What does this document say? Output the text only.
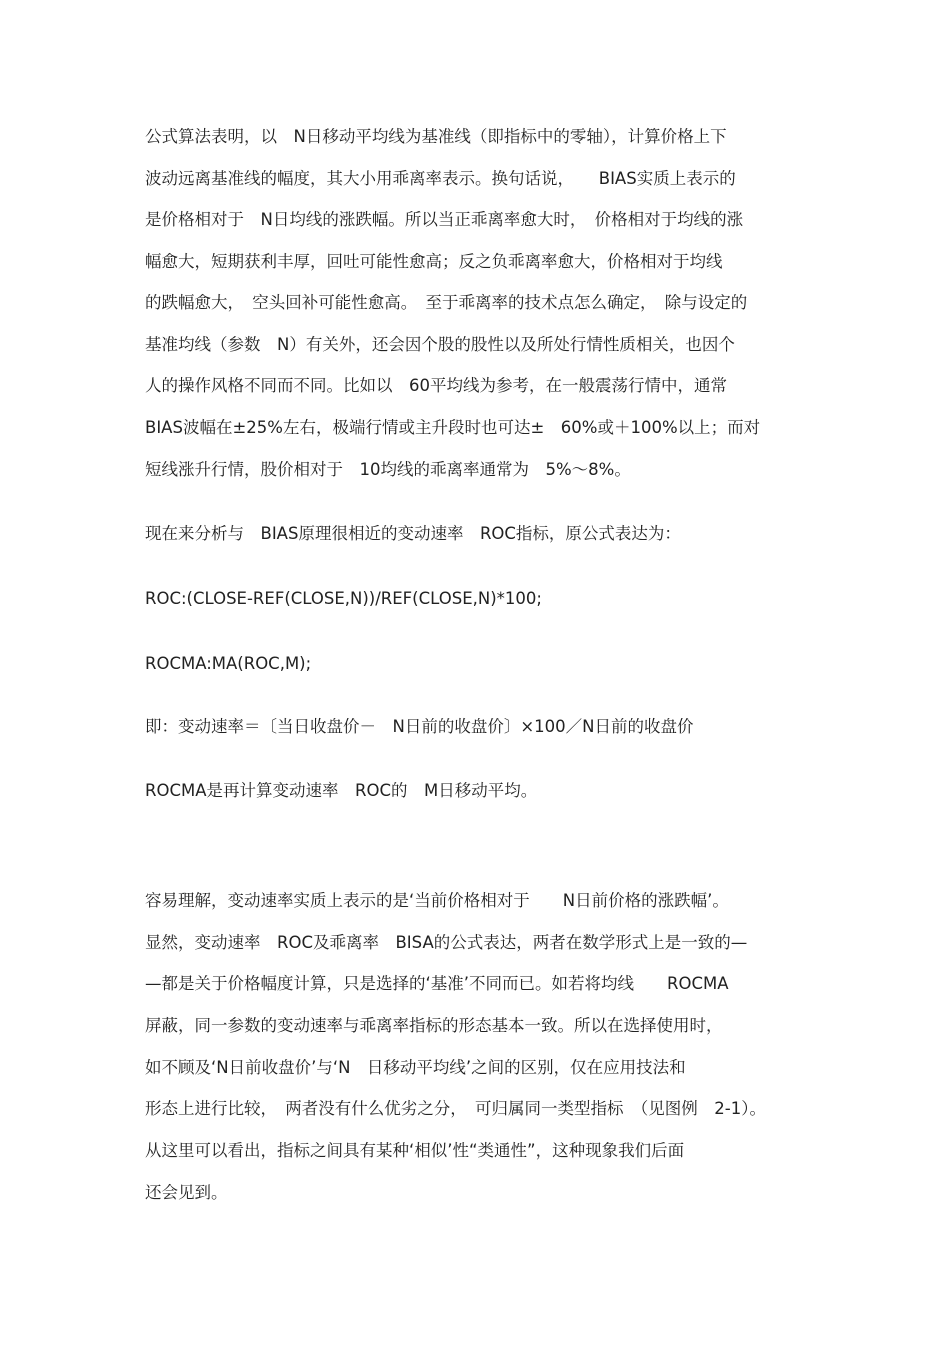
公式算法表明，以　N日移动平均线为基准线（即指标中的零轴），计算价格上下

波动远离基准线的幅度，其大小用乖离率表示。换句话说，　　BIAS实质上表示的

是价格相对于　N日均线的涨跌幅。所以当正乖离率愈大时，　价格相对于均线的涨

幅愈大，短期获利丰厚，回吐可能性愈高；反之负乖离率愈大，价格相对于均线

的跌幅愈大，　空头回补可能性愈高。　至于乖离率的技术点怎么确定，　除与设定的

基准均线（参数　N）有关外，还会因个股的股性以及所处行情性质相关，也因个

人的操作风格不同而不同。比如以　60平均线为参考，在一般震荡行情中，通常

BIAS波幅在±25%左右，极端行情或主升段时也可达±　60%或＋100%以上；而对

短线涨升行情，股价相对于　10均线的乖离率通常为　5%～8%。

现在来分析与　BIAS原理很相近的变动速率　ROC指标，原公式表达为：

ROC:(CLOSE-REF(CLOSE,N))/REF(CLOSE,N)*100;

ROCMA:MA(ROC,M);

即：变动速率＝〔当日收盘价－　N日前的收盘价〕×100／N日前的收盘价

ROCMA是再计算变动速率　ROC的　M日移动平均。

容易理解，变动速率实质上表示的是‘当前价格相对于　　N日前价格的涨跌幅’。

显然，变动速率　ROC及乖离率　BISA的公式表达，两者在数学形式上是一致的—

—都是关于价格幅度计算，只是选择的‘基准’不同而已。如若将均线　　ROCMA

屏蔽，同一参数的变动速率与乖离率指标的形态基本一致。所以在选择使用时，

如不顾及‘N日前收盘价’与‘N　日移动平均线’之间的区别，仅在应用技法和

形态上进行比较，　两者没有什么优劣之分，　可归属同一类型指标　（见图例　2-1）。

从这里可以看出，指标之间具有某种‘相似’性“类通性”，这种现象我们后面

还会见到。
